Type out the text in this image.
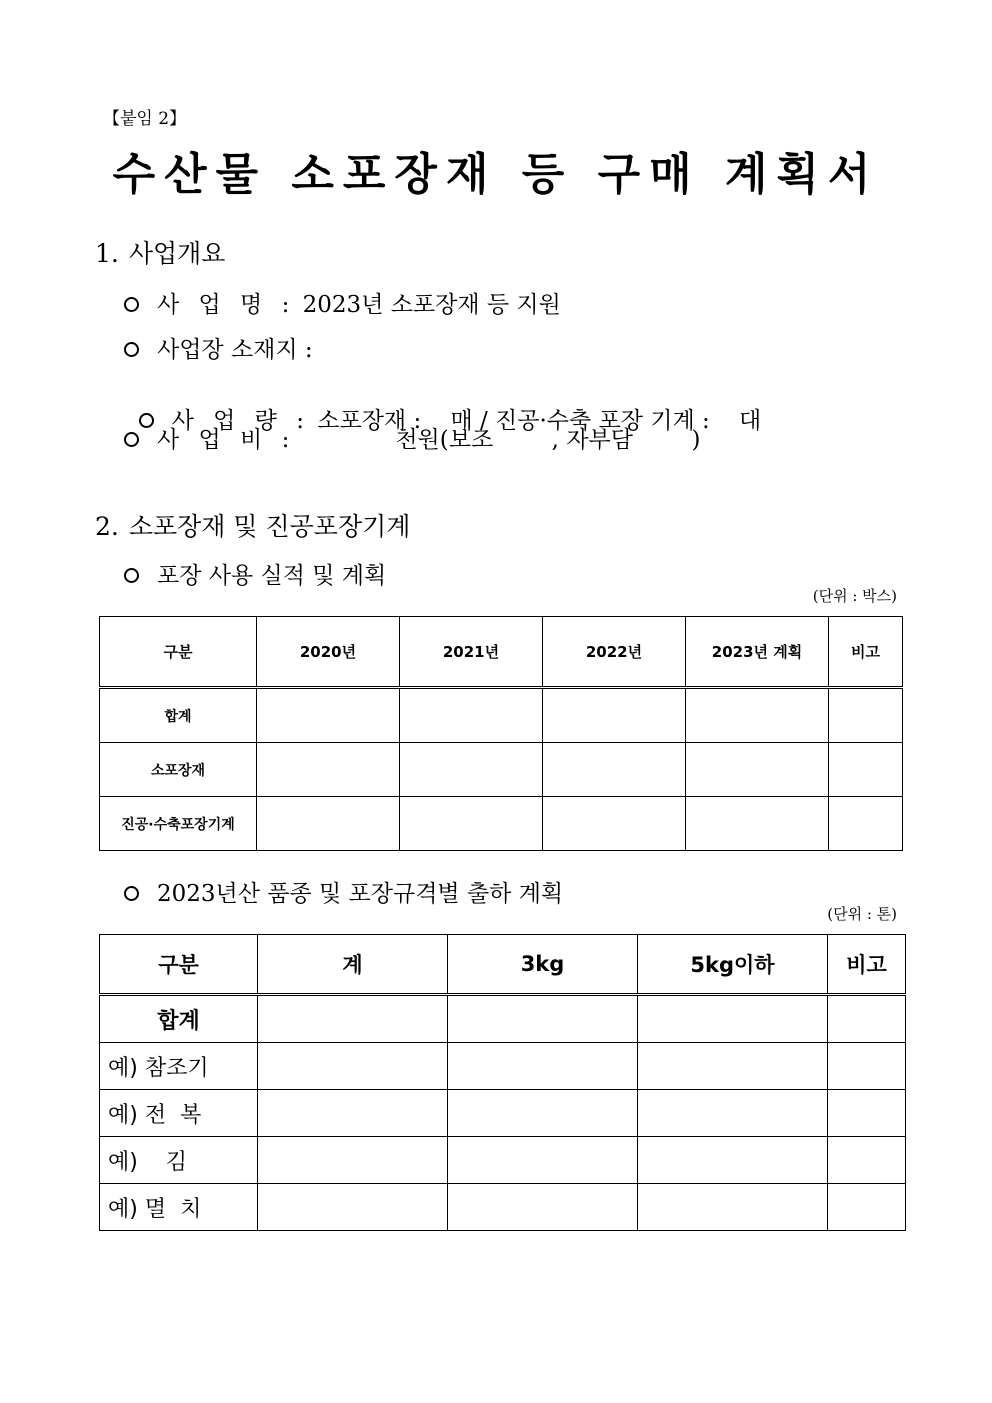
【붙임 2】
수산물 소포장재 등 구매 계획서
1. 사업개요
사 업 명 : 2023년 소포장재 등 지원
사업장 소재지 :

사 업 량 : 소포장재 :    매 / 진공·수축 포장 기계 :    대

사 업 비 :	천원(보조        , 자부담        )
2. 소포장재 및 진공포장기계
포장 사용 실적 및 계획
(단위 : 박스)
구분	2020년	2021년	2022년	2023년 계획	비고
합계					
소포장재					
진공·수축포장기계					
2023년산 품종 및 포장규격별 출하 계획
(단위 : 톤)
구분	계	3kg	5kg이하	비고
합계				
예) 참조기				
예) 전  복				
예)    김				
예) 멸  치				
